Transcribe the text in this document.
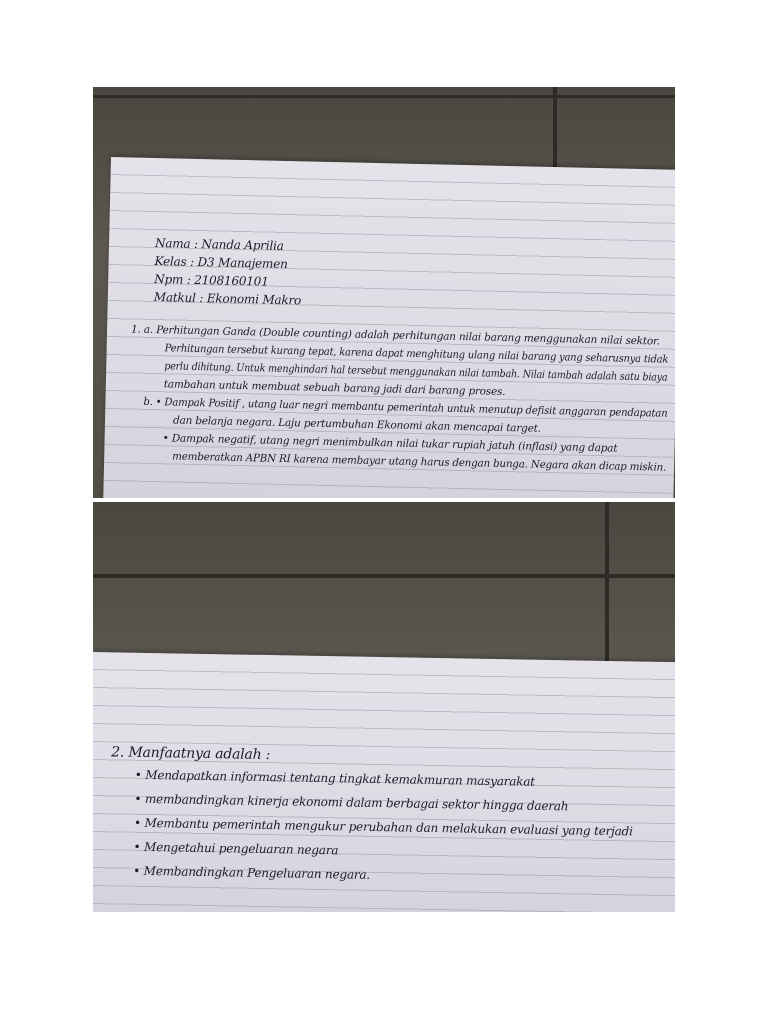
Nama : Nanda Aprilia
Kelas : D3 Manajemen
Npm : 2108160101
Matkul : Ekonomi Makro
1. a. Perhitungan Ganda (Double counting) adalah perhitungan nilai barang menggunakan nilai sektor.
Perhitungan tersebut kurang tepat, karena dapat menghitung ulang nilai barang yang seharusnya tidak
perlu dihitung. Untuk menghindari hal tersebut menggunakan nilai tambah. Nilai tambah adalah satu biaya
tambahan untuk membuat sebuah barang jadi dari barang proses.
b. • Dampak Positif , utang luar negri membantu pemerintah untuk menutup defisit anggaran pendapatan
dan belanja negara. Laju pertumbuhan Ekonomi akan mencapai target.
• Dampak negatif, utang negri menimbulkan nilai tukar rupiah jatuh (inflasi) yang dapat
memberatkan APBN RI karena membayar utang harus dengan bunga. Negara akan dicap miskin.
2. Manfaatnya adalah :
• Mendapatkan informasi tentang tingkat kemakmuran masyarakat
• membandingkan kinerja ekonomi dalam berbagai sektor hingga daerah
• Membantu pemerintah mengukur perubahan dan melakukan evaluasi yang terjadi
• Mengetahui pengeluaran negara
• Membandingkan Pengeluaran negara.
